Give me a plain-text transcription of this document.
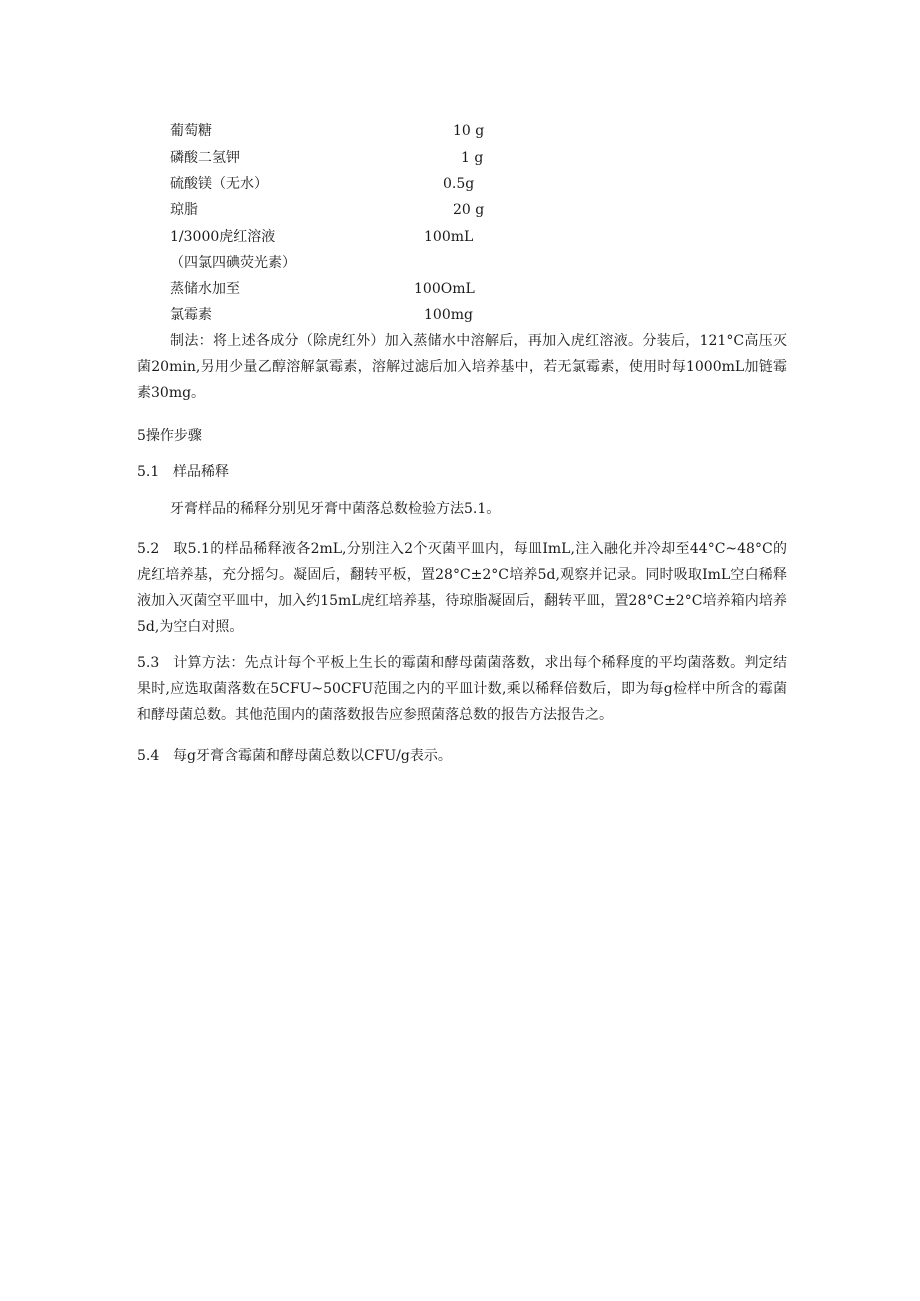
葡萄糖	10 g
磷酸二氢钾	1 g
硫酸镁（无水）	0.5g
琼脂	20 g
1/3000虎红溶液	100mL
（四氯四碘荧光素）
蒸储水加至	100OmL
氯霉素	100mg
制法：将上述各成分（除虎红外）加入蒸储水中溶解后，再加入虎红溶液。分装后，121°C高压灭菌20min,另用少量乙醇溶解氯霉素，溶解过滤后加入培养基中，若无氯霉素，使用时每1000mL加链霉素30mg。
5操作步骤
5.1 样品稀释
牙膏样品的稀释分别见牙膏中菌落总数检验方法5.1。
5.2 取5.1的样品稀释液各2mL,分别注入2个灭菌平皿内，每皿ImL,注入融化并冷却至44°C~48°C的虎红培养基，充分摇匀。凝固后，翻转平板，置28°C±2°C培养5d,观察并记录。同时吸取ImL空白稀释液加入灭菌空平皿中，加入约15mL虎红培养基，待琼脂凝固后，翻转平皿，置28°C±2°C培养箱内培养5d,为空白对照。
5.3 计算方法：先点计每个平板上生长的霉菌和酵母菌菌落数，求出每个稀释度的平均菌落数。判定结果时,应选取菌落数在5CFU~50CFU范围之内的平皿计数,乘以稀释倍数后，即为每g检样中所含的霉菌和酵母菌总数。其他范围内的菌落数报告应参照菌落总数的报告方法报告之。
5.4 每g牙膏含霉菌和酵母菌总数以CFU/g表示。
